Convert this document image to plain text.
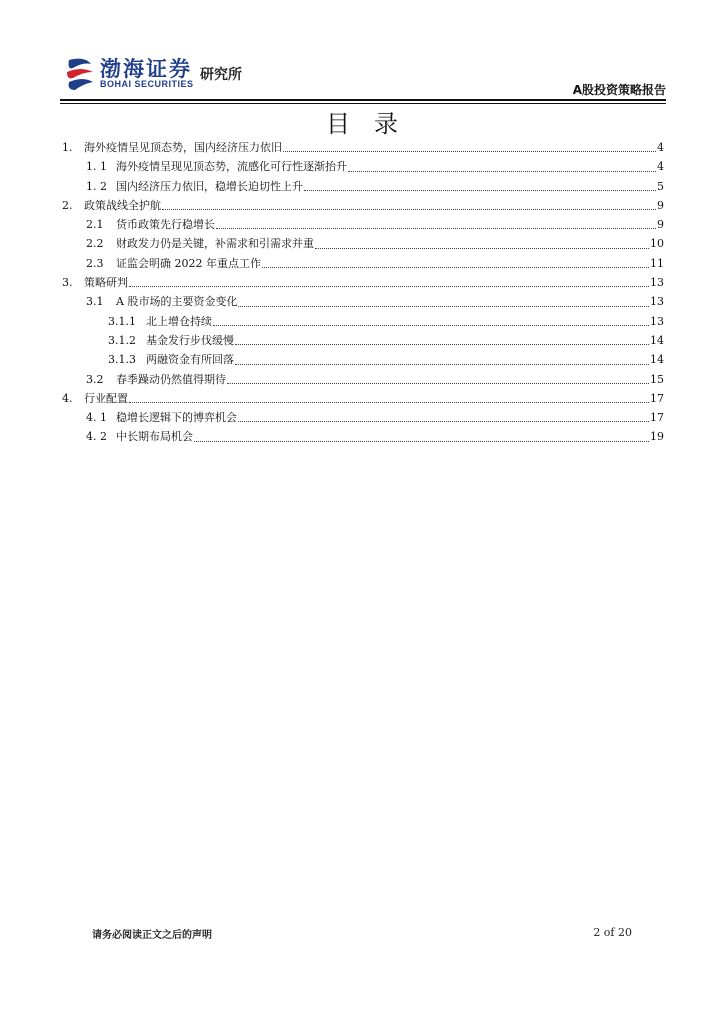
渤海证券
BOHAI SECURITIES
研究所
A股投资策略报告
目录
1.	海外疫情呈见顶态势，国内经济压力依旧	4
1. 1 海外疫情呈现见顶态势，流感化可行性逐渐抬升	4
1. 2 国内经济压力依旧，稳增长迫切性上升	5
2.	政策战线全护航	9
2.1	货币政策先行稳增长	9
2.2	财政发力仍是关键，补需求和引需求并重	10
2.3	证监会明确 2022 年重点工作	11
3.	策略研判	13
3.1	A 股市场的主要资金变化	13
3.1.1 北上增仓持续	13
3.1.2 基金发行步伐缓慢	14
3.1.3 两融资金有所回落	14
3.2	春季躁动仍然值得期待	15
4.	行业配置	17
4. 1 稳增长逻辑下的博弈机会	17
4. 2 中长期布局机会	19
请务必阅读正文之后的声明	2 of 20
